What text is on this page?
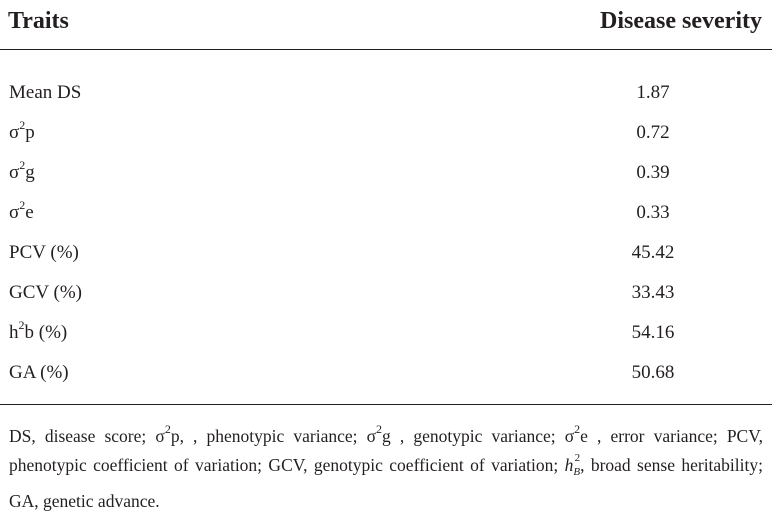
Traits	Disease severity
Mean DS	1.87
$\sigma^2p$	0.72
$\sigma^2g$	0.39
$\sigma^2e$	0.33
PCV (%)	45.42
GCV (%)	33.43
$h^2b$ (%)	54.16
GA (%)	50.68
DS, disease score; $\sigma^2p$, , phenotypic variance; $\sigma^2g$ , genotypic variance; $\sigma^2e$ , error variance; PCV, phenotypic coefficient of variation; GCV, genotypic coefficient of variation; h 2
$_B$, broad sense heritability; GA, genetic advance.
